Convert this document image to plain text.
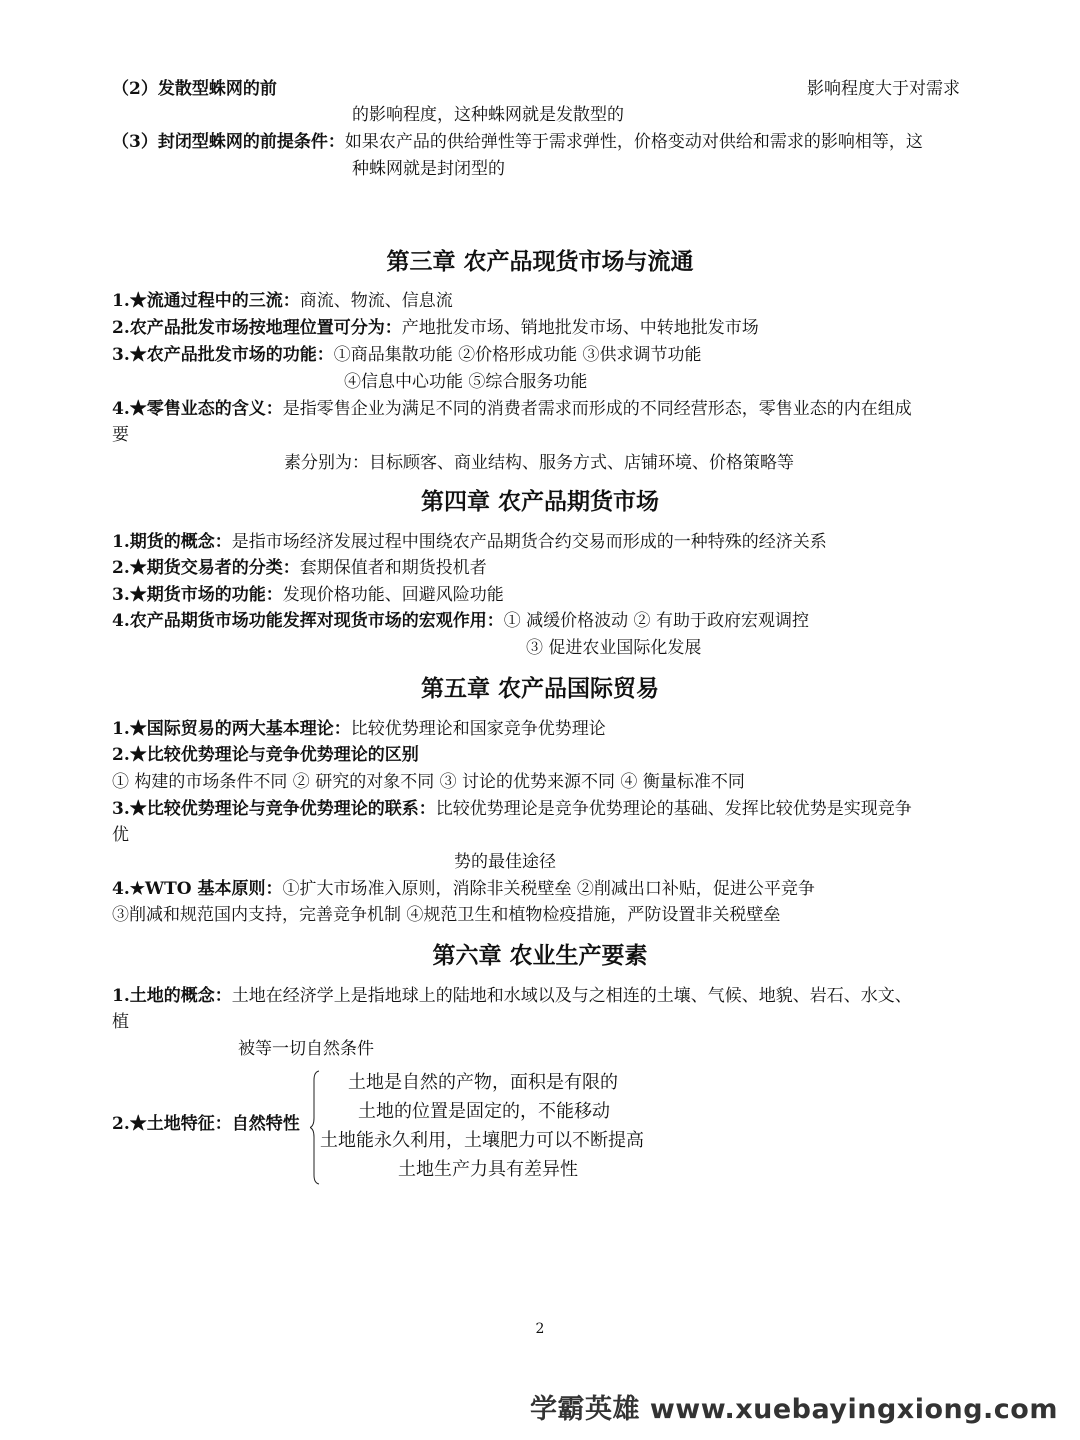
（2）发散型蛛网的前	影响程度大于对需求
的影响程度，这种蛛网就是发散型的
（3）封闭型蛛网的前提条件：如果农产品的供给弹性等于需求弹性，价格变动对供给和需求的影响相等，这
种蛛网就是封闭型的
第三章 农产品现货市场与流通
1.★流通过程中的三流：商流、物流、信息流
2.农产品批发市场按地理位置可分为：产地批发市场、销地批发市场、中转地批发市场
3.★农产品批发市场的功能：①商品集散功能 ②价格形成功能 ③供求调节功能
④信息中心功能 ⑤综合服务功能
4.★零售业态的含义：是指零售企业为满足不同的消费者需求而形成的不同经营形态，零售业态的内在组成
要
素分别为：目标顾客、商业结构、服务方式、店铺环境、价格策略等
第四章 农产品期货市场
1.期货的概念：是指市场经济发展过程中围绕农产品期货合约交易而形成的一种特殊的经济关系
2.★期货交易者的分类：套期保值者和期货投机者
3.★期货市场的功能：发现价格功能、回避风险功能
4.农产品期货市场功能发挥对现货市场的宏观作用：① 减缓价格波动 ② 有助于政府宏观调控
③ 促进农业国际化发展
第五章 农产品国际贸易
1.★国际贸易的两大基本理论：比较优势理论和国家竞争优势理论
2.★比较优势理论与竞争优势理论的区别
① 构建的市场条件不同 ② 研究的对象不同 ③ 讨论的优势来源不同 ④ 衡量标准不同
3.★比较优势理论与竞争优势理论的联系：比较优势理论是竞争优势理论的基础、发挥比较优势是实现竞争
优
势的最佳途径
4.★WTO 基本原则：①扩大市场准入原则，消除非关税壁垒 ②削减出口补贴，促进公平竞争
③削减和规范国内支持，完善竞争机制 ④规范卫生和植物检疫措施，严防设置非关税壁垒
第六章 农业生产要素
1.土地的概念：土地在经济学上是指地球上的陆地和水域以及与之相连的土壤、气候、地貌、岩石、水文、
植
被等一切自然条件
2.★土地特征：自然特性
土地是自然的产物，面积是有限的
土地的位置是固定的，不能移动
土地能永久利用，土壤肥力可以不断提高
土地生产力具有差异性
2
学霸英雄 www.xuebayingxiong.com
